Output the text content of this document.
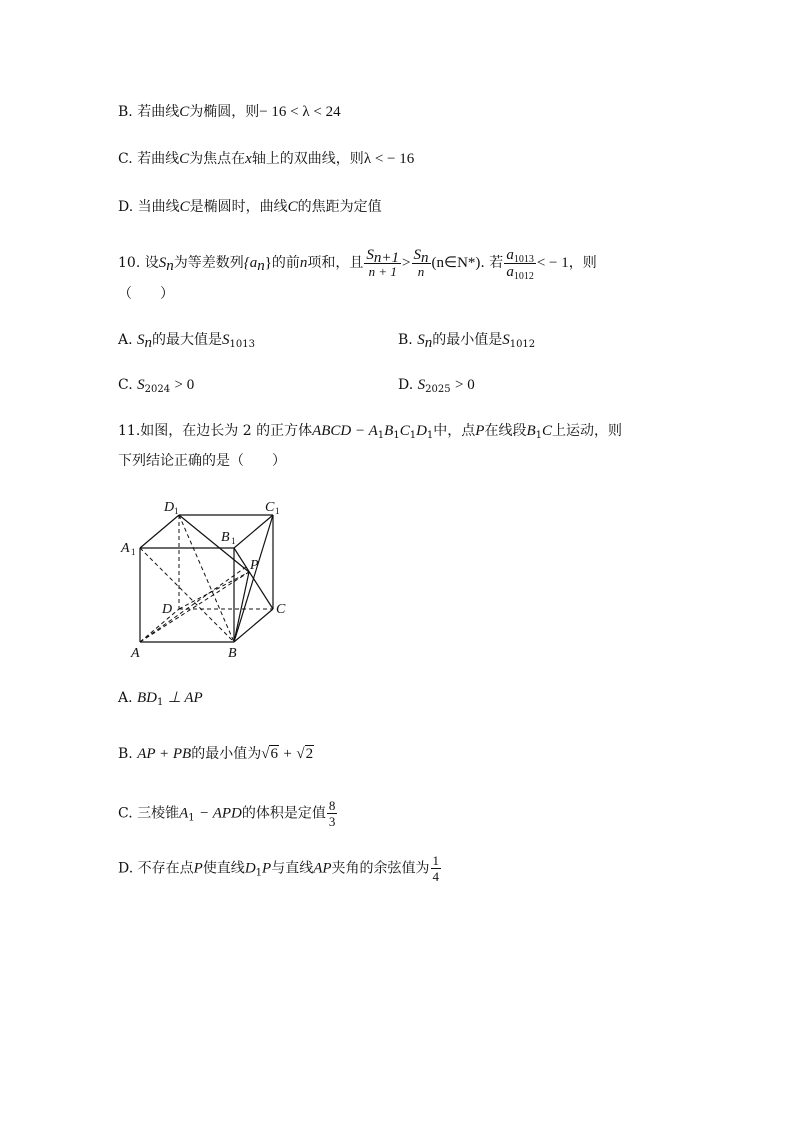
B. 若曲线C为椭圆，则− 16 < λ < 24
C. 若曲线C为焦点在x轴上的双曲线，则λ < − 16
D. 当曲线C是椭圆时，曲线C的焦距为定值
10. 设$S_n$为等差数列$\{a_n\}$的前n项和，且 $\frac{S_{n+1}}{n + 1} > \frac{S_n}{n}$ (n∈N*). 若 $\frac{a_{1013}}{a_{1012}}$ < − 1，则
（　　）
A. $S_n$的最大值是$S_{1013}$	B. $S_n$的最小值是$S_{1012}$
C. $S_{2024} > 0$	D. $S_{2025} > 0$
11.如图，在边长为 2 的正方体ABCD − $A_1B_1C_1D_1$中，点P在线段$B_1C$上运动，则
下列结论正确的是（　　）
D 1	C 1
A 1
B 1
P
D	C
A	B
A. $BD_1$ ⊥ AP
B. AP + PB的最小值为√6 + √2
C. 三棱锥$A_1$ − APD的体积是定值 $\frac{8}{3}$
D. 不存在点P使直线$D_1P$与直线AP夹角的余弦值为 $\frac{1}{4}$
